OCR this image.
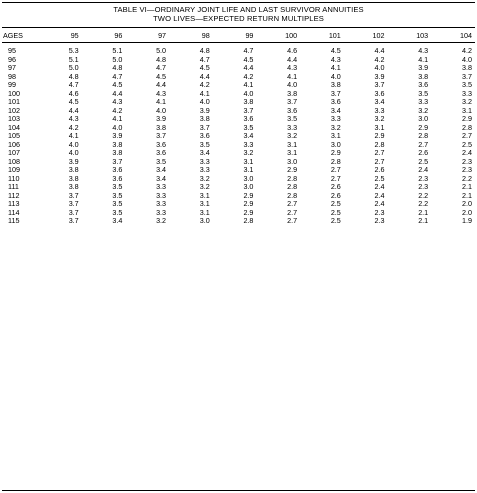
TABLE VI—ORDINARY JOINT LIFE AND LAST SURVIVOR ANNUITIES
TWO LIVES—EXPECTED RETURN MULTIPLES
AGES	95	96	97	98	99	100	101	102	103	104
95	5.3	5.1	5.0	4.8	4.7	4.6	4.5	4.4	4.3	4.2
96	5.1	5.0	4.8	4.7	4.5	4.4	4.3	4.2	4.1	4.0
97	5.0	4.8	4.7	4.5	4.4	4.3	4.1	4.0	3.9	3.8
98	4.8	4.7	4.5	4.4	4.2	4.1	4.0	3.9	3.8	3.7
99	4.7	4.5	4.4	4.2	4.1	4.0	3.8	3.7	3.6	3.5
100	4.6	4.4	4.3	4.1	4.0	3.8	3.7	3.6	3.5	3.3
101	4.5	4.3	4.1	4.0	3.8	3.7	3.6	3.4	3.3	3.2
102	4.4	4.2	4.0	3.9	3.7	3.6	3.4	3.3	3.2	3.1
103	4.3	4.1	3.9	3.8	3.6	3.5	3.3	3.2	3.0	2.9
104	4.2	4.0	3.8	3.7	3.5	3.3	3.2	3.1	2.9	2.8
105	4.1	3.9	3.7	3.6	3.4	3.2	3.1	2.9	2.8	2.7
106	4.0	3.8	3.6	3.5	3.3	3.1	3.0	2.8	2.7	2.5
107	4.0	3.8	3.6	3.4	3.2	3.1	2.9	2.7	2.6	2.4
108	3.9	3.7	3.5	3.3	3.1	3.0	2.8	2.7	2.5	2.3
109	3.8	3.6	3.4	3.3	3.1	2.9	2.7	2.6	2.4	2.3
110	3.8	3.6	3.4	3.2	3.0	2.8	2.7	2.5	2.3	2.2
111	3.8	3.5	3.3	3.2	3.0	2.8	2.6	2.4	2.3	2.1
112	3.7	3.5	3.3	3.1	2.9	2.8	2.6	2.4	2.2	2.1
113	3.7	3.5	3.3	3.1	2.9	2.7	2.5	2.4	2.2	2.0
114	3.7	3.5	3.3	3.1	2.9	2.7	2.5	2.3	2.1	2.0
115	3.7	3.4	3.2	3.0	2.8	2.7	2.5	2.3	2.1	1.9
